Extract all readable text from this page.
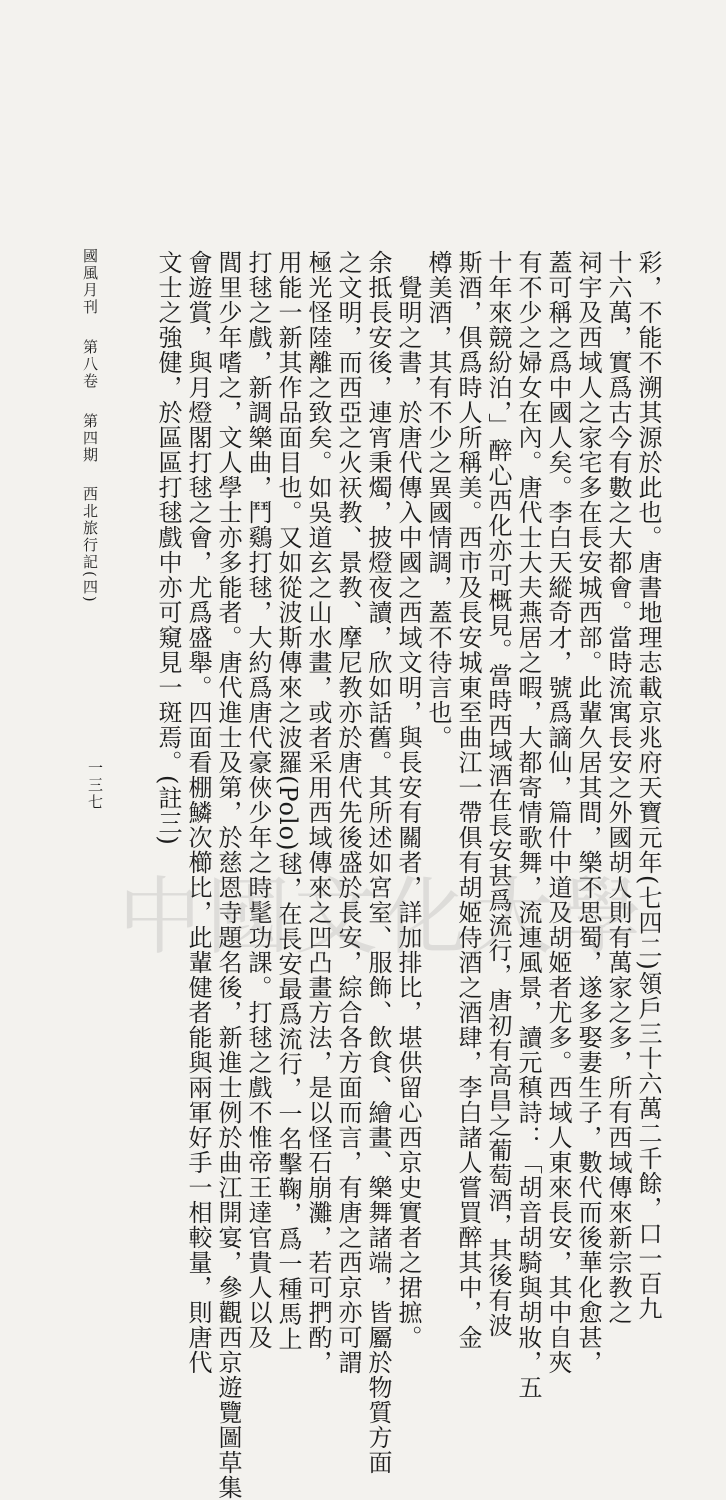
彩，不能不溯其源於此也。唐書地理志載京兆府天寶元年(七四二)領戶三十六萬二千餘，口一百九
十六萬，實爲古今有數之大都會。當時流寓長安之外國胡人則有萬家之多，所有西域傳來新宗教之
祠宇及西域人之家宅多在長安城西部。此輩久居其間，樂不思蜀，遂多娶妻生子，數代而後華化愈甚，
蓋可稱之爲中國人矣。李白天縱奇才，號爲謫仙，篇什中道及胡姬者尤多。西域人東來長安，其中自夾
有不少之婦女在內。唐代士大夫燕居之暇，大都寄情歌舞，流連風景，讀元稹詩：「胡音胡騎與胡妝，五
十年來競紛泊，」醉心西化亦可概見。當時西域酒在長安甚爲流行，唐初有高昌之葡萄酒，其後有波
斯酒，俱爲時人所稱美。西市及長安城東至曲江一帶俱有胡姬侍酒之酒肆，李白諸人嘗買醉其中，金
樽美酒，其有不少之異國情調，蓋不待言也。
　覺明之書，於唐代傳入中國之西域文明，與長安有關者，詳加排比，堪供留心西京史實者之捃摭。
余抵長安後，連宵秉燭，披燈夜讀，欣如話舊。其所述如宮室、服飾、飲食、繪畫、樂舞諸端，皆屬於物質方面
之文明，而西亞之火祆教、景教、摩尼教亦於唐代先後盛於長安，綜合各方面而言，有唐之西京亦可謂
極光怪陸離之致矣。如吳道玄之山水畫，或者采用西域傳來之凹凸畫方法，是以怪石崩灘，若可捫酌，
用能一新其作品面目也。又如從波斯傳來之波羅(Polo)毬，在長安最爲流行，一名擊鞠，爲一種馬上
打毬之戲，新調樂曲，鬥鷄打毬，大約爲唐代豪俠少年之時髦功課。打毬之戲不惟帝王達官貴人以及
閭里少年嗜之，文人學士亦多能者。唐代進士及第，於慈恩寺題名後，新進士例於曲江開宴，參觀西京遊覽圖草集
會遊賞，與月燈閣打毬之會，尤爲盛舉。四面看棚鱗次櫛比，此輩健者能與兩軍好手一相較量，則唐代
文士之強健，於區區打毬戲中亦可窺見一斑焉。(註三)
國風月刊 第八卷 第四期 西北旅行記(四)
一三七
中國文化大學
